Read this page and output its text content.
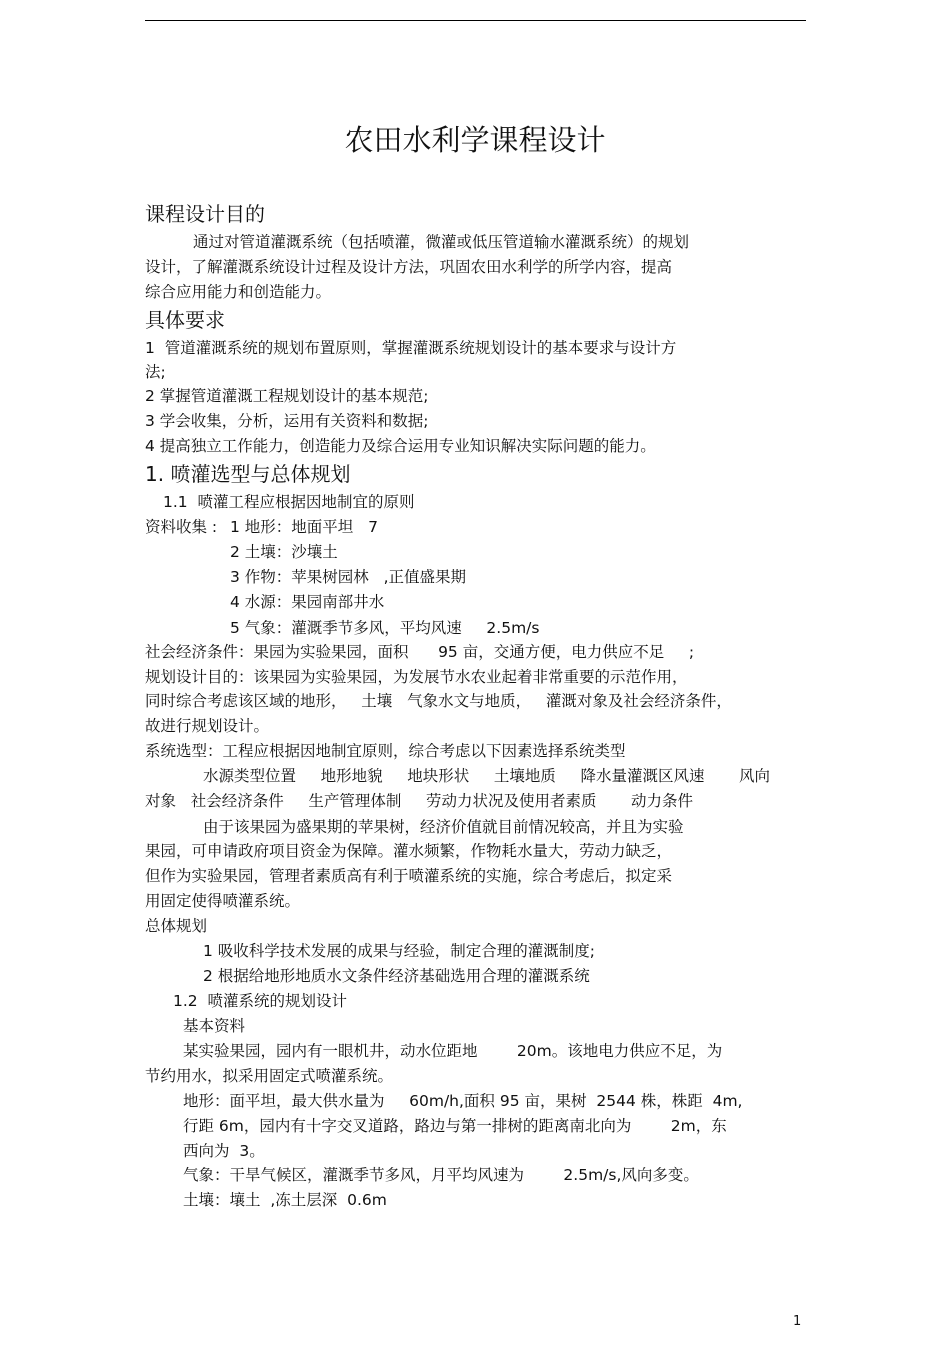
农田水利学课程设计
课程设计目的
通过对管道灌溉系统（包括喷灌，微灌或低压管道输水灌溉系统）的规划
设计，了解灌溉系统设计过程及设计方法，巩固农田水利学的所学内容，提高
综合应用能力和创造能力。
具体要求
1  管道灌溉系统的规划布置原则，掌握灌溉系统规划设计的基本要求与设计方
法;
2 掌握管道灌溉工程规划设计的基本规范;
3 学会收集，分析，运用有关资料和数据;
4 提高独立工作能力，创造能力及综合运用专业知识解决实际问题的能力。
1. 喷灌选型与总体规划
1.1  喷灌工程应根据因地制宜的原则
资料收集 : 1 地形：地面平坦   7
2 土壤：沙壤土
3 作物：苹果树园林   ,正值盛果期
4 水源：果园南部井水
5 气象：灌溉季节多风，平均风速     2.5m/s
社会经济条件：果园为实验果园，面积      95 亩，交通方便，电力供应不足     ;
规划设计目的：该果园为实验果园，为发展节水农业起着非常重要的示范作用，
同时综合考虑该区域的地形，   土壤   气象水文与地质，   灌溉对象及社会经济条件，
故进行规划设计。
系统选型：工程应根据因地制宜原则，综合考虑以下因素选择系统类型
水源类型位置     地形地貌     地块形状     土壤地质     降水量灌溉区风速       风向
对象   社会经济条件     生产管理体制     劳动力状况及使用者素质       动力条件
由于该果园为盛果期的苹果树，经济价值就目前情况较高，并且为实验
果园，可申请政府项目资金为保障。灌水频繁，作物耗水量大，劳动力缺乏，
但作为实验果园，管理者素质高有利于喷灌系统的实施，综合考虑后，拟定采
用固定使得喷灌系统。
总体规划
1 吸收科学技术发展的成果与经验，制定合理的灌溉制度;
2 根据给地形地质水文条件经济基础选用合理的灌溉系统
1.2  喷灌系统的规划设计
基本资料
某实验果园，园内有一眼机井，动水位距地        20m。该地电力供应不足，为
节约用水，拟采用固定式喷灌系统。
地形：面平坦，最大供水量为     60m/h,面积 95 亩，果树  2544 株，株距  4m,
行距 6m，园内有十字交叉道路，路边与第一排树的距离南北向为        2m，东
西向为  3。
气象：干旱气候区，灌溉季节多风，月平均风速为        2.5m/s,风向多变。
土壤：壤土  ,冻土层深  0.6m
1
